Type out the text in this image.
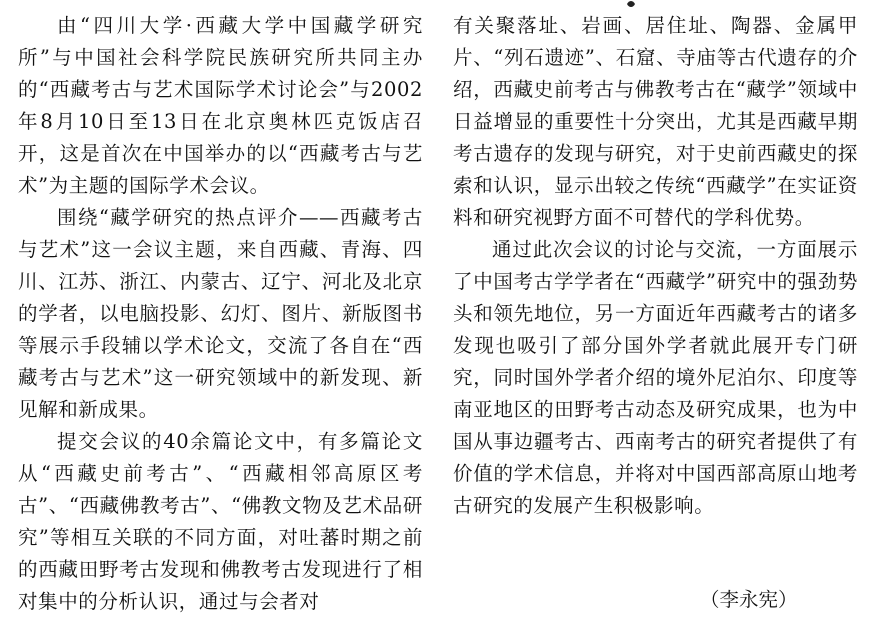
由“四川大学·西藏大学中国藏学研究所”与中国社会科学院民族研究所共同主办的“西藏考古与艺术国际学术讨论会”与2002年8月10日至13日在北京奥林匹克饭店召开，这是首次在中国举办的以“西藏考古与艺术”为主题的国际学术会议。

围绕“藏学研究的热点评介——西藏考古与艺术”这一会议主题，来自西藏、青海、四川、江苏、浙江、内蒙古、辽宁、河北及北京的学者，以电脑投影、幻灯、图片、新版图书等展示手段辅以学术论文，交流了各自在“西藏考古与艺术”这一研究领域中的新发现、新见解和新成果。

提交会议的40余篇论文中，有多篇论文从“西藏史前考古”、“西藏相邻高原区考古”、“西藏佛教考古”、“佛教文物及艺术品研究”等相互关联的不同方面，对吐蕃时期之前的西藏田野考古发现和佛教考古发现进行了相对集中的分析认识，通过与会者对

有关聚落址、岩画、居住址、陶器、金属甲片、“列石遗迹”、石窟、寺庙等古代遗存的介绍，西藏史前考古与佛教考古在“藏学”领域中日益增显的重要性十分突出，尤其是西藏早期考古遗存的发现与研究，对于史前西藏史的探索和认识，显示出较之传统“西藏学”在实证资料和研究视野方面不可替代的学科优势。

通过此次会议的讨论与交流，一方面展示了中国考古学学者在“西藏学”研究中的强劲势头和领先地位，另一方面近年西藏考古的诸多发现也吸引了部分国外学者就此展开专门研究，同时国外学者介绍的境外尼泊尔、印度等南亚地区的田野考古动态及研究成果，也为中国从事边疆考古、西南考古的研究者提供了有价值的学术信息，并将对中国西部高原山地考古研究的发展产生积极影响。

（李永宪）
